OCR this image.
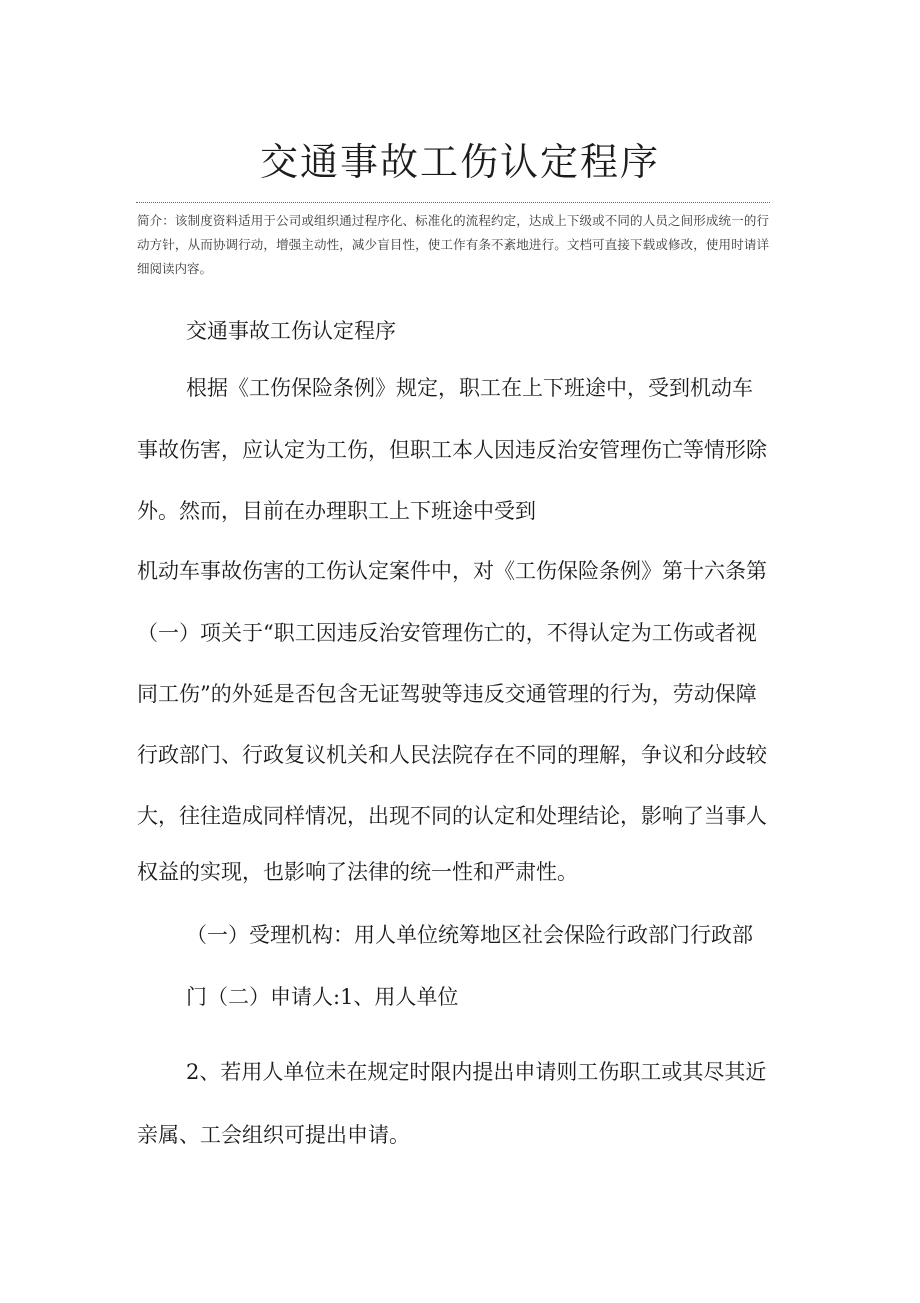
交通事故工伤认定程序

简介：该制度资料适用于公司或组织通过程序化、标准化的流程约定，达成上下级或不同的人员之间形成统一的行动方针，从而协调行动，增强主动性，减少盲目性，使工作有条不紊地进行。文档可直接下载或修改，使用时请详细阅读内容。

交通事故工伤认定程序

根据《工伤保险条例》规定，职工在上下班途中，受到机动车

事故伤害，应认定为工伤，但职工本人因违反治安管理伤亡等情形除

外。然而，目前在办理职工上下班途中受到

机动车事故伤害的工伤认定案件中，对《工伤保险条例》第十六条第

（一）项关于“职工因违反治安管理伤亡的，不得认定为工伤或者视

同工伤”的外延是否包含无证驾驶等违反交通管理的行为，劳动保障

行政部门、行政复议机关和人民法院存在不同的理解，争议和分歧较

大，往往造成同样情况，出现不同的认定和处理结论，影响了当事人

权益的实现，也影响了法律的统一性和严肃性。

（一）受理机构：用人单位统筹地区社会保险行政部门行政部

门（二）申请人:1、用人单位

2、若用人单位未在规定时限内提出申请则工伤职工或其尽其近

亲属、工会组织可提出申请。
